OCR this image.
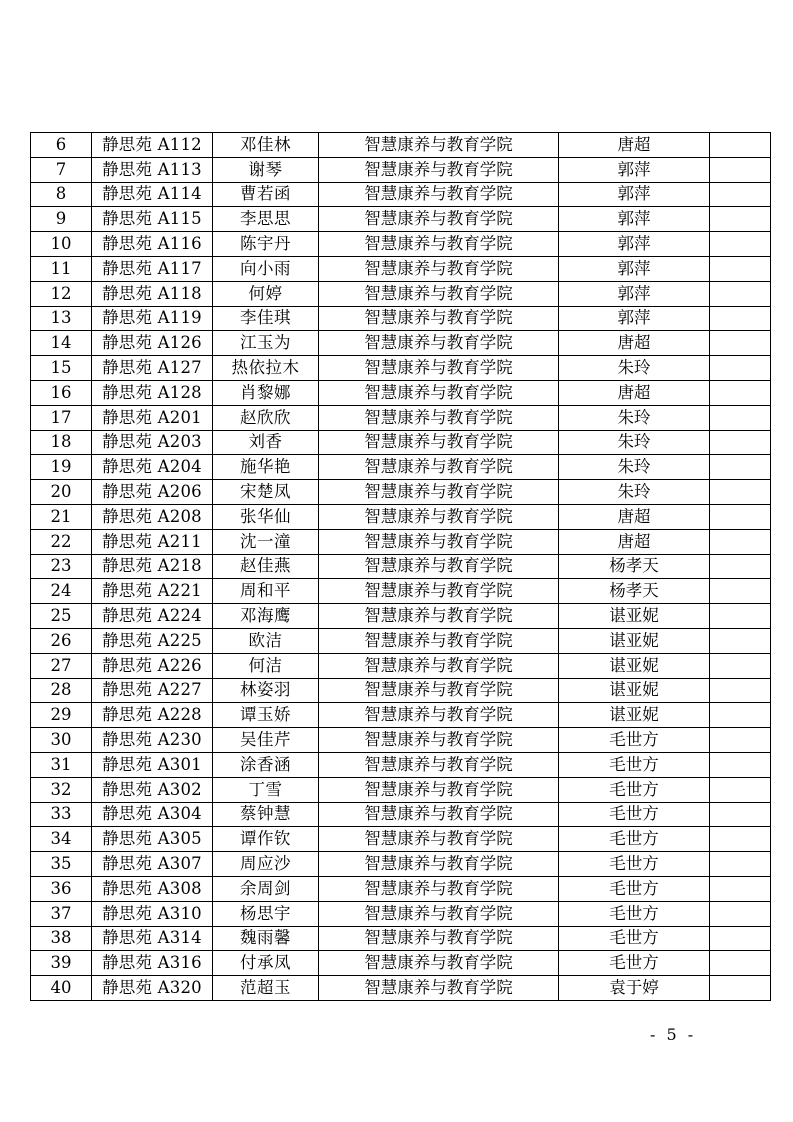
6	静思苑 A112	邓佳林	智慧康养与教育学院	唐超	
7	静思苑 A113	谢琴	智慧康养与教育学院	郭萍	
8	静思苑 A114	曹若函	智慧康养与教育学院	郭萍	
9	静思苑 A115	李思思	智慧康养与教育学院	郭萍	
10	静思苑 A116	陈宇丹	智慧康养与教育学院	郭萍	
11	静思苑 A117	向小雨	智慧康养与教育学院	郭萍	
12	静思苑 A118	何婷	智慧康养与教育学院	郭萍	
13	静思苑 A119	李佳琪	智慧康养与教育学院	郭萍	
14	静思苑 A126	江玉为	智慧康养与教育学院	唐超	
15	静思苑 A127	热依拉木	智慧康养与教育学院	朱玲	
16	静思苑 A128	肖黎娜	智慧康养与教育学院	唐超	
17	静思苑 A201	赵欣欣	智慧康养与教育学院	朱玲	
18	静思苑 A203	刘香	智慧康养与教育学院	朱玲	
19	静思苑 A204	施华艳	智慧康养与教育学院	朱玲	
20	静思苑 A206	宋楚凤	智慧康养与教育学院	朱玲	
21	静思苑 A208	张华仙	智慧康养与教育学院	唐超	
22	静思苑 A211	沈一潼	智慧康养与教育学院	唐超	
23	静思苑 A218	赵佳燕	智慧康养与教育学院	杨孝天	
24	静思苑 A221	周和平	智慧康养与教育学院	杨孝天	
25	静思苑 A224	邓海鹰	智慧康养与教育学院	谌亚妮	
26	静思苑 A225	欧洁	智慧康养与教育学院	谌亚妮	
27	静思苑 A226	何洁	智慧康养与教育学院	谌亚妮	
28	静思苑 A227	林姿羽	智慧康养与教育学院	谌亚妮	
29	静思苑 A228	谭玉娇	智慧康养与教育学院	谌亚妮	
30	静思苑 A230	吴佳芹	智慧康养与教育学院	毛世方	
31	静思苑 A301	涂香涵	智慧康养与教育学院	毛世方	
32	静思苑 A302	丁雪	智慧康养与教育学院	毛世方	
33	静思苑 A304	蔡钟慧	智慧康养与教育学院	毛世方	
34	静思苑 A305	谭作钦	智慧康养与教育学院	毛世方	
35	静思苑 A307	周应沙	智慧康养与教育学院	毛世方	
36	静思苑 A308	余周剑	智慧康养与教育学院	毛世方	
37	静思苑 A310	杨思宇	智慧康养与教育学院	毛世方	
38	静思苑 A314	魏雨馨	智慧康养与教育学院	毛世方	
39	静思苑 A316	付承凤	智慧康养与教育学院	毛世方	
40	静思苑 A320	范超玉	智慧康养与教育学院	袁于婷	
- 5 -
